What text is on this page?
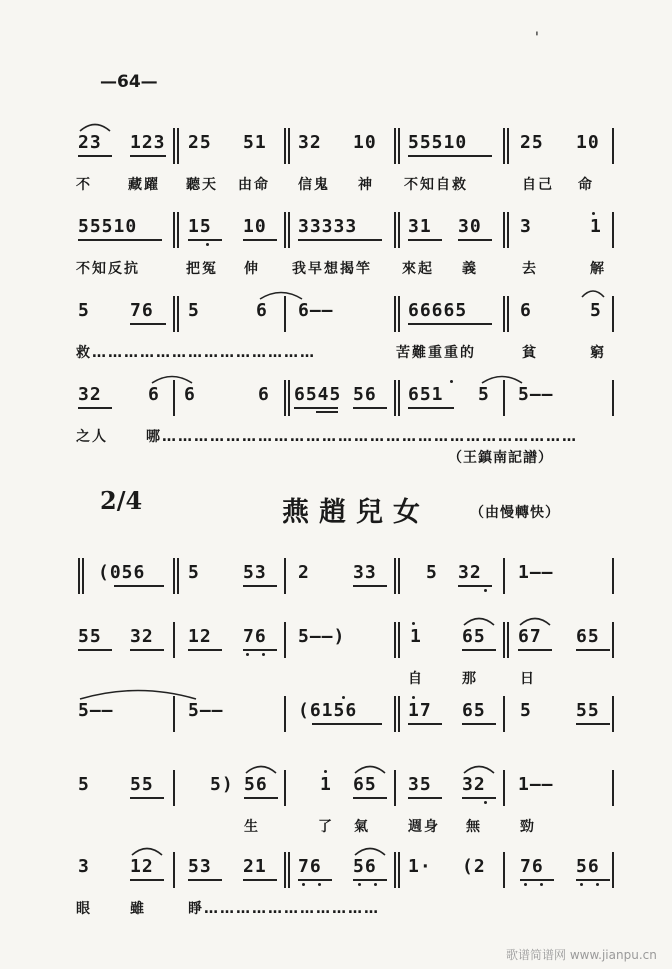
'
—64—
23 123 25 51 32 10 55510	25 10
不	藏躍 聽天 由命 信鬼 神 不知自救	自己 命
55510	15 10 33333	31 30 3	1
不知反抗	把冤 伸 我早想揭竿 來起 義	去	解
5 76 5	6 6——	66665	6	5
救……………………………………	苦難重重的	貧	窮
32	6 6	6 6545 56 651 5 5——
之人	哪……………………………………………………………………
（王鎮南記譜）
2/4	燕趙兒女	（由慢轉快）
(056 5 53 2 33	5 32 1——
55 32 12 76 5——)	1 65 67 65
自	那	日
5——	5——	(6156	17 65 5 55
5 55	5) 56	1 65 35 32 1——
生	了 氣	週身 無	勁
3 12 53 21 76 56 1· (2 76 56
眼	雖	睜……………………………
歌谱简谱网 www.jianpu.cn
